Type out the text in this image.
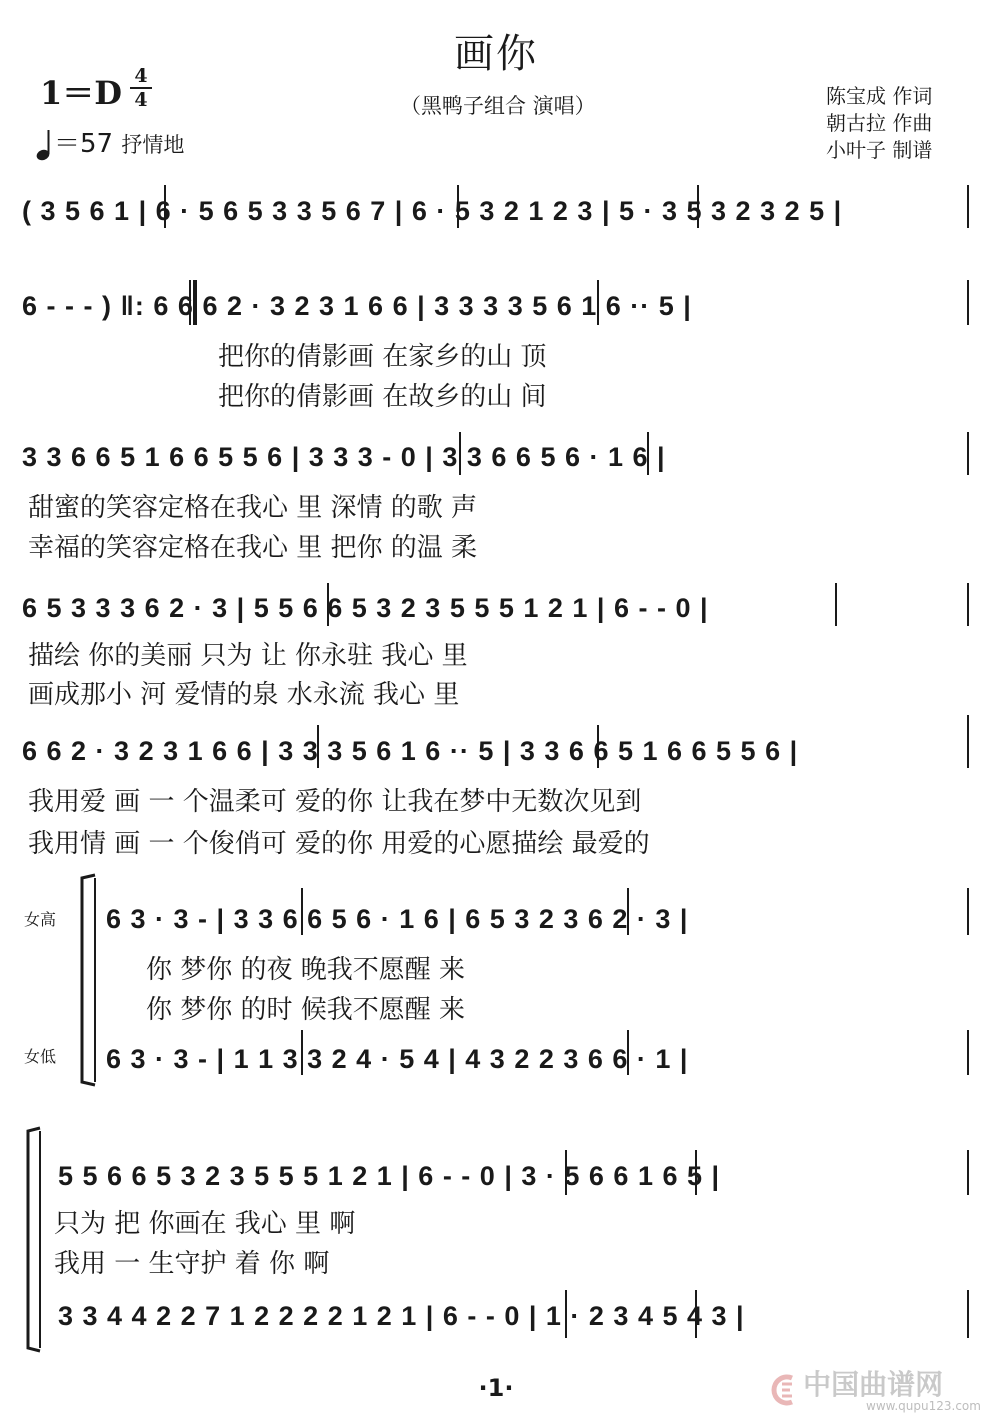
画你
1＝D 4
4
＝57 抒情地
（黑鸭子组合 演唱）	陈宝成 作词
朝古拉 作曲
小叶子 制谱
( 3 5 6 1 | 6 · 5 6 5 3 3 5 6 7 | 6 · 5 3 2 1 2 3 | 5 · 3 5 3 2 3 2 5 |
6 - - - ) ‖: 6 6 6 2 · 3 2 3 1 6 6 | 3 3 3 3 5 6 1 6 ·· 5 |
3 3 6 6 5 1 6 6 5 5 6 | 3 3 3 - 0 | 3 3 6 6 5 6 · 1 6 |
6 5 3 3 3 6 2 · 3 | 5 5 6 6 5 3 2 3 5 5 5 1 2 1 | 6 - - 0 |
6 6 2 · 3 2 3 1 6 6 | 3 3 3 5 6 1 6 ·· 5 | 3 3 6 6 5 1 6 6 5 5 6 |
把你的倩影画 在家乡的山 顶
把你的倩影画 在故乡的山 间
甜蜜的笑容定格在我心 里 深情 的歌 声
幸福的笑容定格在我心 里 把你 的温 柔
描绘 你的美丽 只为 让 你永驻 我心 里
画成那小 河 爱情的泉 水永流 我心 里
我用爱 画 一 个温柔可 爱的你 让我在梦中无数次见到
我用情 画 一 个俊俏可 爱的你 用爱的心愿描绘 最爱的
女高
女低
6 3 · 3 - | 3 3 6 6 5 6 · 1 6 | 6 5 3 2 3 6 2 · 3 |
你 梦你 的夜 晚我不愿醒 来
你 梦你 的时 候我不愿醒 来
6 3 · 3 - | 1 1 3 3 2 4 · 5 4 | 4 3 2 2 3 6 6 · 1 |
5 5 6 6 5 3 2 3 5 5 5 1 2 1 | 6 - - 0 | 3 · 5 6 6 1 6 5 |
只为 把 你画在 我心 里 啊
我用 一 生守护 着 你 啊
3 3 4 4 2 2 7 1 2 2 2 2 1 2 1 | 6 - - 0 | 1 · 2 3 4 5 4 3 |
·1·	中国曲谱网
www.qupu123.com
